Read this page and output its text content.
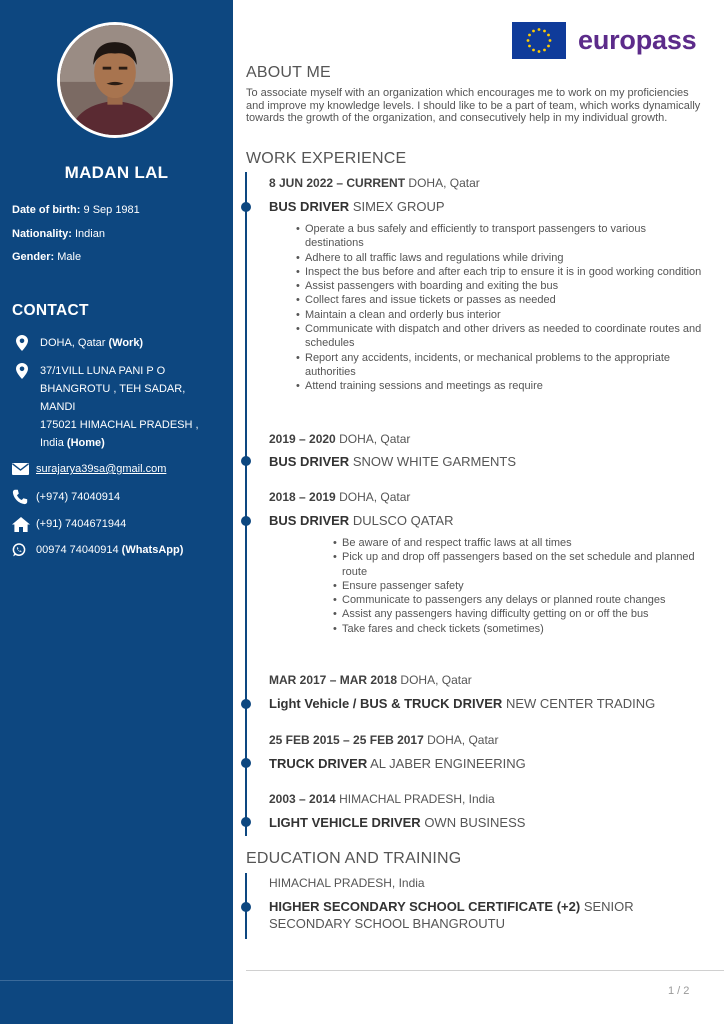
MADAN LAL
Date of birth: 9 Sep 1981
Nationality: Indian
Gender: Male
CONTACT
DOHA, Qatar (Work)
37/1VILL LUNA PANI P O
BHANGROTU , TEH SADAR,
MANDI
175021 HIMACHAL PRADESH ,
India (Home)
surajarya39sa@gmail.com
(+974) 74040914
(+91) 7404671944
00974 74040914 (WhatsApp)
europass
ABOUT ME
To associate myself with an organization which encourages me to work on my proficiencies and improve my knowledge levels. I should like to be a part of team, which works dynamically towards the growth of the organization, and consecutively help in my individual growth.
WORK EXPERIENCE
8 JUN 2022 – CURRENT DOHA, Qatar
BUS DRIVER SIMEX GROUP
• Operate a bus safely and efficiently to transport passengers to various destinations
• Adhere to all traffic laws and regulations while driving
• Inspect the bus before and after each trip to ensure it is in good working condition
• Assist passengers with boarding and exiting the bus
• Collect fares and issue tickets or passes as needed
• Maintain a clean and orderly bus interior
• Communicate with dispatch and other drivers as needed to coordinate routes and schedules
• Report any accidents, incidents, or mechanical problems to the appropriate authorities
• Attend training sessions and meetings as require
2019 – 2020 DOHA, Qatar
BUS DRIVER SNOW WHITE GARMENTS
2018 – 2019 DOHA, Qatar
BUS DRIVER DULSCO QATAR
• Be aware of and respect traffic laws at all times
• Pick up and drop off passengers based on the set schedule and planned route
• Ensure passenger safety
• Communicate to passengers any delays or planned route changes
• Assist any passengers having difficulty getting on or off the bus
• Take fares and check tickets (sometimes)
MAR 2017 – MAR 2018 DOHA, Qatar
Light Vehicle / BUS & TRUCK DRIVER NEW CENTER TRADING
25 FEB 2015 – 25 FEB 2017 DOHA, Qatar
TRUCK DRIVER AL JABER ENGINEERING
2003 – 2014 HIMACHAL PRADESH, India
LIGHT VEHICLE DRIVER OWN BUSINESS
EDUCATION AND TRAINING
HIMACHAL PRADESH, India
HIGHER SECONDARY SCHOOL CERTIFICATE (+2) SENIOR SECONDARY SCHOOL BHANGROUTU
1 / 2
